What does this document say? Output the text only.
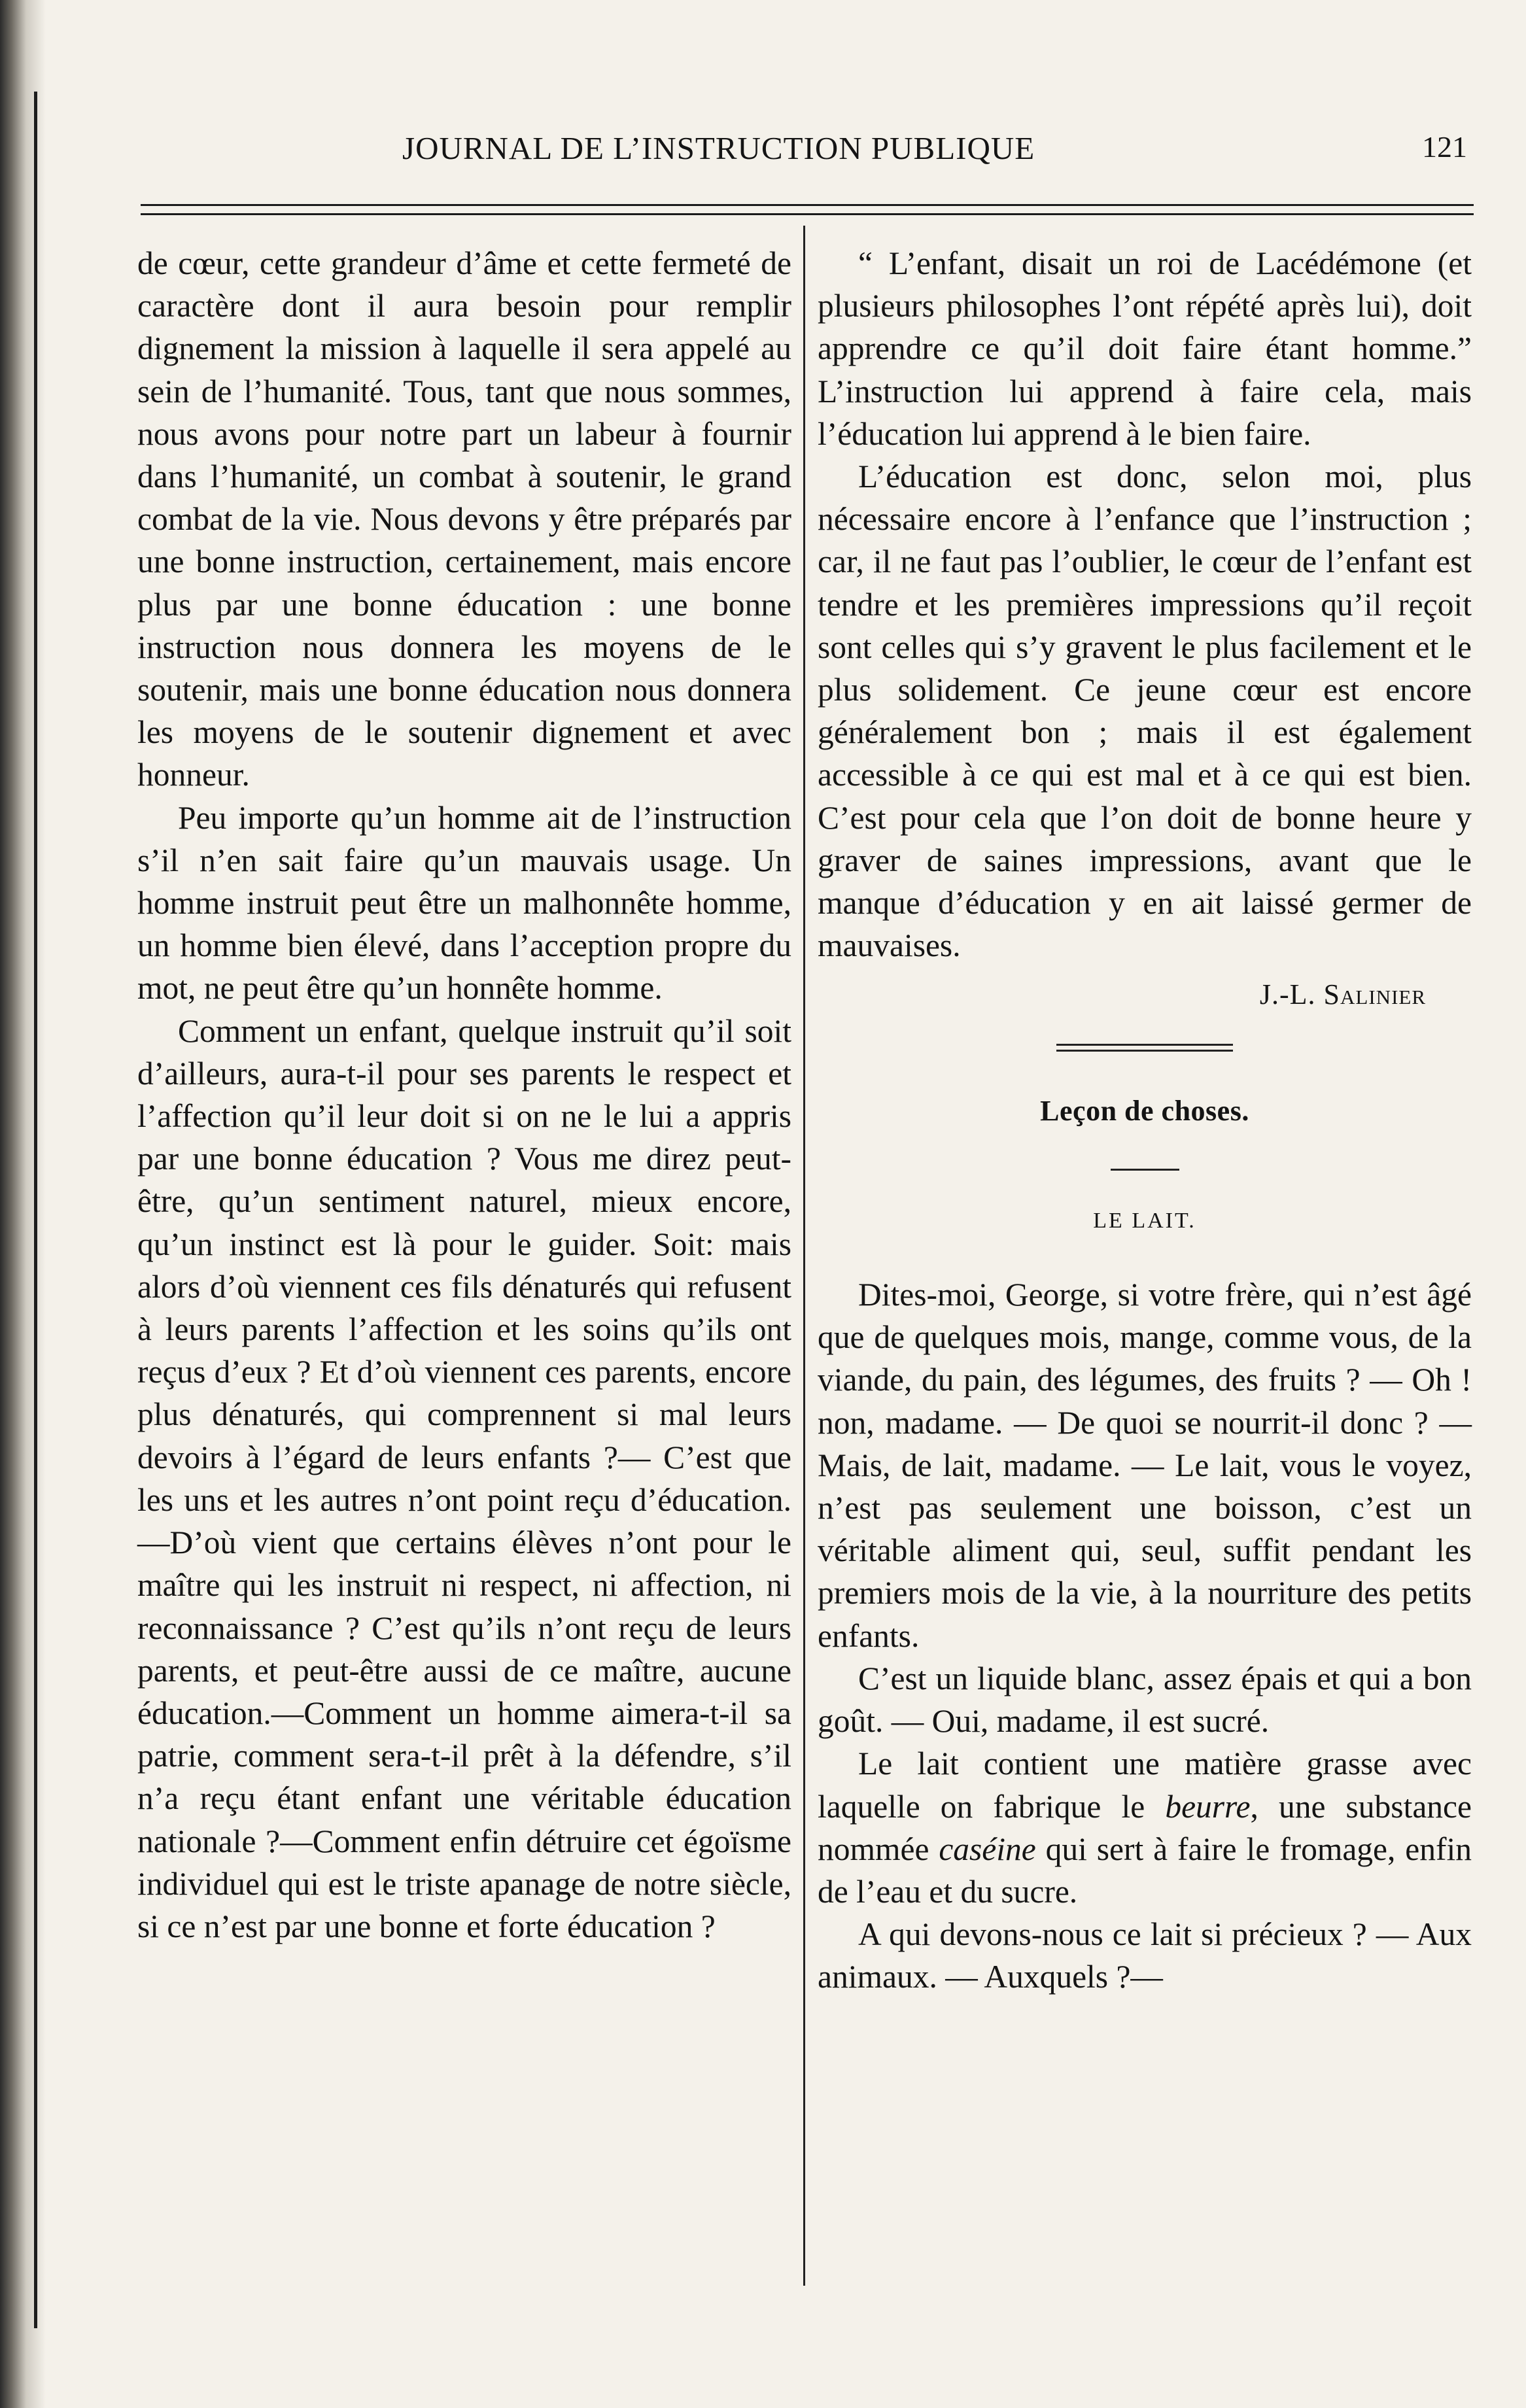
JOURNAL DE L’INSTRUCTION PUBLIQUE	121

de cœur, cette grandeur d’âme et cette fermeté de caractère dont il aura besoin pour remplir dignement la mission à laquelle il sera appelé au sein de l’humanité. Tous, tant que nous sommes, nous avons pour notre part un labeur à fournir dans l’humanité, un combat à soutenir, le grand combat de la vie. Nous devons y être préparés par une bonne instruction, certainement, mais encore plus par une bonne éducation : une bonne instruction nous donnera les moyens de le soutenir, mais une bonne éducation nous donnera les moyens de le soutenir dignement et avec honneur.

Peu importe qu’un homme ait de l’instruction s’il n’en sait faire qu’un mauvais usage. Un homme instruit peut être un malhonnête homme, un homme bien élevé, dans l’acception propre du mot, ne peut être qu’un honnête homme.

Comment un enfant, quelque instruit qu’il soit d’ailleurs, aura-t-il pour ses parents le respect et l’affection qu’il leur doit si on ne le lui a appris par une bonne éducation ? Vous me direz peut-être, qu’un sentiment naturel, mieux encore, qu’un instinct est là pour le guider. Soit: mais alors d’où viennent ces fils dénaturés qui refusent à leurs parents l’affection et les soins qu’ils ont reçus d’eux ? Et d’où viennent ces parents, encore plus dénaturés, qui comprennent si mal leurs devoirs à l’égard de leurs enfants ?— C’est que les uns et les autres n’ont point reçu d’éducation.—D’où vient que certains élèves n’ont pour le maître qui les instruit ni respect, ni affection, ni reconnaissance ? C’est qu’ils n’ont reçu de leurs parents, et peut-être aussi de ce maître, aucune éducation.—Comment un homme aimera-t-il sa patrie, comment sera-t-il prêt à la défendre, s’il n’a reçu étant enfant une véritable éducation nationale ?—Comment enfin détruire cet égoïsme individuel qui est le triste apanage de notre siècle, si ce n’est par une bonne et forte éducation ?

“ L’enfant, disait un roi de Lacédémone (et plusieurs philosophes l’ont répété après lui), doit apprendre ce qu’il doit faire étant homme.” L’instruction lui apprend à faire cela, mais l’éducation lui apprend à le bien faire.

L’éducation est donc, selon moi, plus nécessaire encore à l’enfance que l’instruction ; car, il ne faut pas l’oublier, le cœur de l’enfant est tendre et les premières impressions qu’il reçoit sont celles qui s’y gravent le plus facilement et le plus solidement. Ce jeune cœur est encore généralement bon ; mais il est également accessible à ce qui est mal et à ce qui est bien. C’est pour cela que l’on doit de bonne heure y graver de saines impressions, avant que le manque d’éducation y en ait laissé germer de mauvaises.

J.-L. Salinier
Leçon de choses.
LE LAIT.

Dites-moi, George, si votre frère, qui n’est âgé que de quelques mois, mange, comme vous, de la viande, du pain, des légumes, des fruits ? — Oh ! non, madame. — De quoi se nourrit-il donc ? —Mais, de lait, madame. — Le lait, vous le voyez, n’est pas seulement une boisson, c’est un véritable aliment qui, seul, suffit pendant les premiers mois de la vie, à la nourriture des petits enfants.

C’est un liquide blanc, assez épais et qui a bon goût. — Oui, madame, il est sucré.

Le lait contient une matière grasse avec laquelle on fabrique le beurre, une substance nommée caséine qui sert à faire le fromage, enfin de l’eau et du sucre.

A qui devons-nous ce lait si précieux ? — Aux animaux. — Auxquels ?—
